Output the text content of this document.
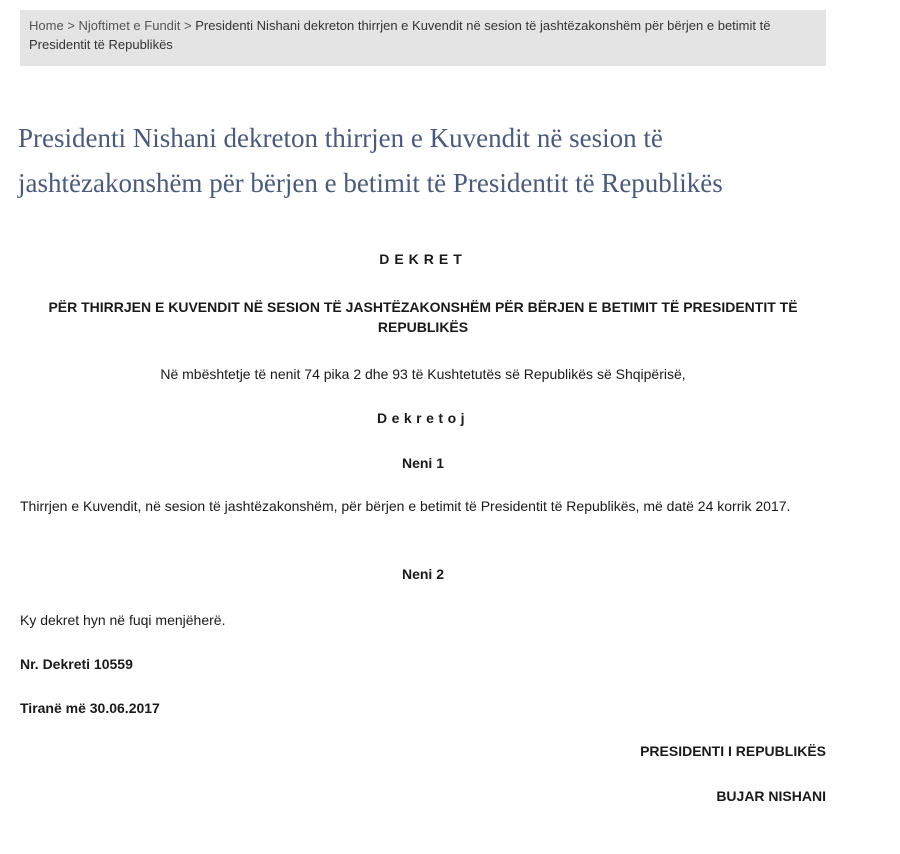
Home > Njoftimet e Fundit > Presidenti Nishani dekreton thirrjen e Kuvendit në sesion të jashtëzakonshëm për bërjen e betimit të Presidentit të Republikës
Presidenti Nishani dekreton thirrjen e Kuvendit në sesion të jashtëzakonshëm për bërjen e betimit të Presidentit të Republikës
DEKRET
PËR THIRRJEN E KUVENDIT NË SESION TË JASHTËZAKONSHËM PËR BËRJEN E BETIMIT TË PRESIDENTIT TË REPUBLIKËS
Në mbështetje të nenit 74 pika 2 dhe 93 të Kushtetutës së Republikës së Shqipërisë,
Dekretoj
Neni 1
Thirrjen e Kuvendit, në sesion të jashtëzakonshëm, për bërjen e betimit të Presidentit të Republikës, më datë 24 korrik 2017.
Neni 2
Ky dekret hyn në fuqi menjëherë.
Nr. Dekreti 10559
Tiranë më 30.06.2017
PRESIDENTI I REPUBLIKËS
BUJAR NISHANI
